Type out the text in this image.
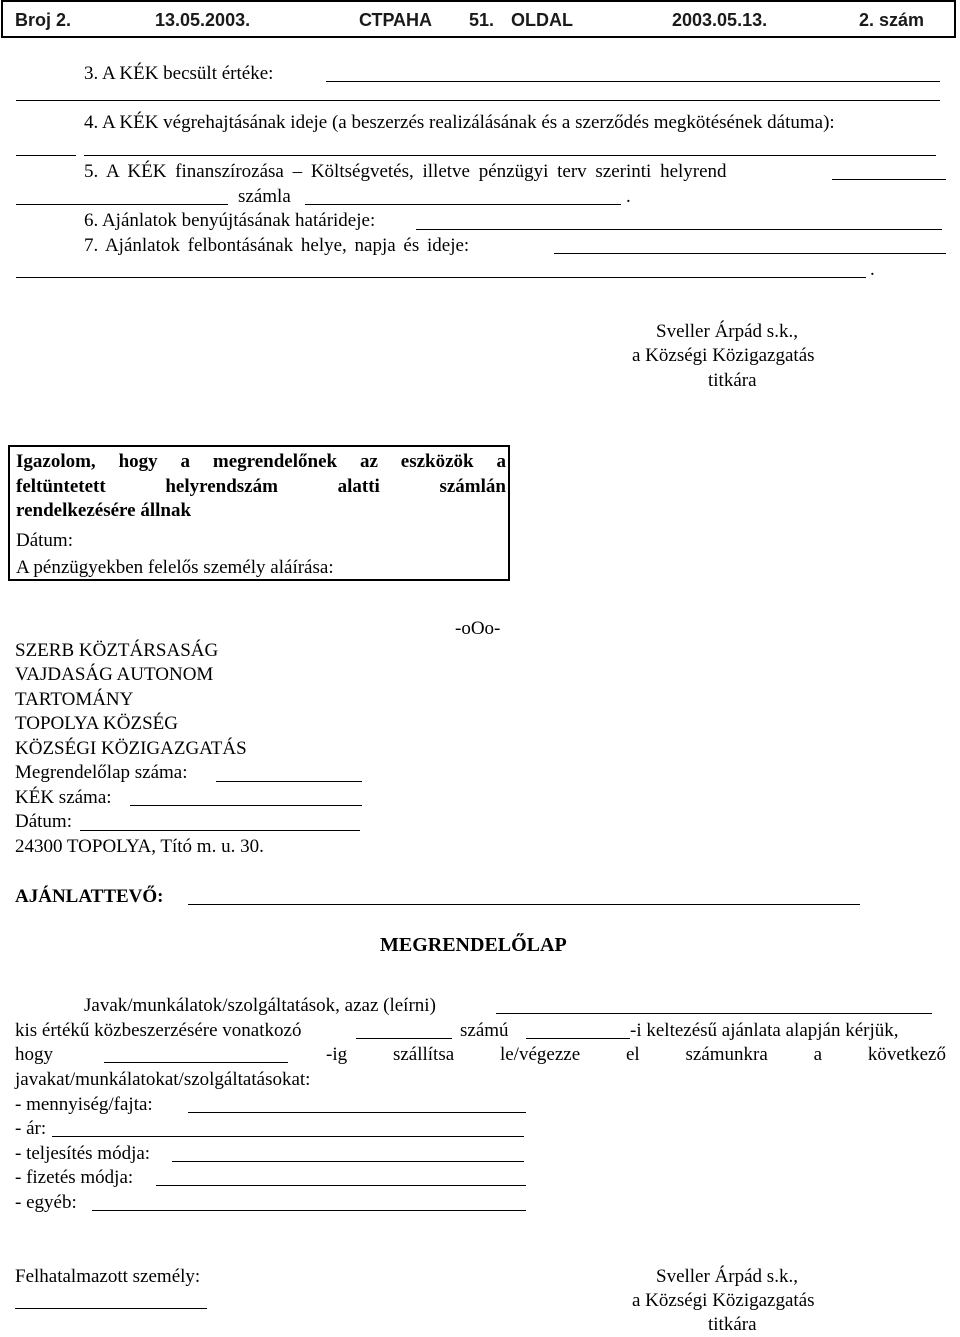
Broj 2.	13.05.2003.	СТРАНА 51. OLDAL	2003.05.13.	2. szám
3. A KÉK becsült értéke:
4. A KÉK végrehajtásának ideje (a beszerzés realizálásának és a szerződés megkötésének dátuma):
5. A KÉK finanszírozása – Költségvetés, illetve pénzügyi terv szerinti helyrend
számla	.
6. Ajánlatok benyújtásának határideje:
7. Ajánlatok felbontásának helye, napja és ideje:
.
Sveller Árpád s.k.,
a Községi Közigazgatás
titkára
Igazolom, hogy a megrendelőnek az eszközök a
feltüntetett	helyrendszám	alatti	számlán
rendelkezésére állnak
Dátum:
A pénzügyekben felelős személy aláírása:
-oOo-
SZERB KÖZTÁRSASÁG
VAJDASÁG AUTONOM
TARTOMÁNY
TOPOLYA KÖZSÉG
KÖZSÉGI KÖZIGAZGATÁS
Megrendelőlap száma:
KÉK száma:
Dátum:
24300 TOPOLYA, Tító m. u. 30.
AJÁNLATTEVŐ:
MEGRENDELŐLAP
Javak/munkálatok/szolgáltatások, azaz (leírni)
kis értékű közbeszerzésére vonatkozó	számú	-i keltezésű ajánlata alapján kérjük,
hogy	-ig szállítsa le/végezze el számunkra a következő
javakat/munkálatokat/szolgáltatásokat:
- mennyiség/fajta:
- ár:
- teljesítés módja:
- fizetés módja:
- egyéb:
Felhatalmazott személy:	Sveller Árpád s.k.,
a Községi Közigazgatás
titkára
